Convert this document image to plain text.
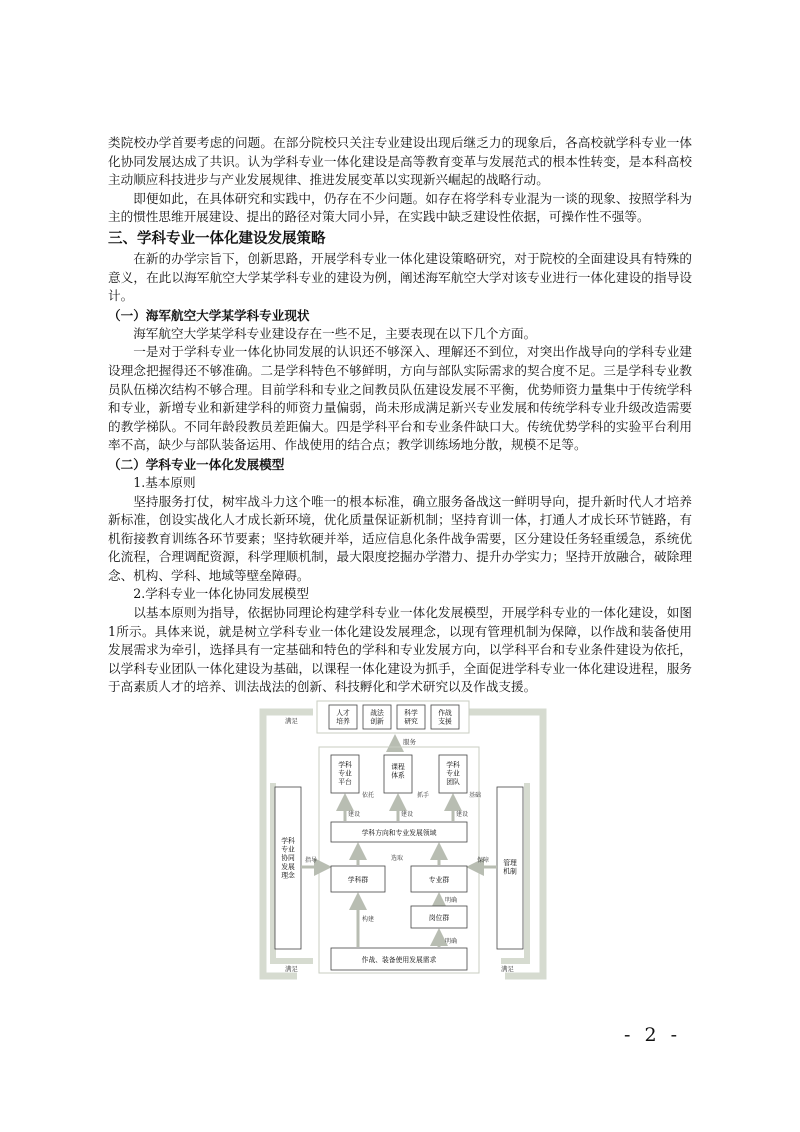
类院校办学首要考虑的问题。在部分院校只关注专业建设出现后继乏力的现象后，各高校就学科专业一体化协同发展达成了共识。认为学科专业一体化建设是高等教育变革与发展范式的根本性转变，是本科高校主动顺应科技进步与产业发展规律、推进发展变革以实现新兴崛起的战略行动。

即便如此，在具体研究和实践中，仍存在不少问题。如存在将学科专业混为一谈的现象、按照学科为主的惯性思维开展建设、提出的路径对策大同小异，在实践中缺乏建设性依据，可操作性不强等。

三、学科专业一体化建设发展策略

在新的办学宗旨下，创新思路，开展学科专业一体化建设策略研究，对于院校的全面建设具有特殊的意义，在此以海军航空大学某学科专业的建设为例，阐述海军航空大学对该专业进行一体化建设的指导设计。

（一）海军航空大学某学科专业现状

海军航空大学某学科专业建设存在一些不足，主要表现在以下几个方面。

一是对于学科专业一体化协同发展的认识还不够深入、理解还不到位，对突出作战导向的学科专业建设理念把握得还不够准确。二是学科特色不够鲜明，方向与部队实际需求的契合度不足。三是学科专业教员队伍梯次结构不够合理。目前学科和专业之间教员队伍建设发展不平衡，优势师资力量集中于传统学科和专业，新增专业和新建学科的师资力量偏弱，尚未形成满足新兴专业发展和传统学科专业升级改造需要的教学梯队。不同年龄段教员差距偏大。四是学科平台和专业条件缺口大。传统优势学科的实验平台利用率不高，缺少与部队装备运用、作战使用的结合点；教学训练场地分散，规模不足等。

（二）学科专业一体化发展模型

1.基本原则

坚持服务打仗，树牢战斗力这个唯一的根本标准，确立服务备战这一鲜明导向，提升新时代人才培养新标准，创设实战化人才成长新环境，优化质量保证新机制；坚持育训一体，打通人才成长环节链路，有机衔接教育训练各环节要素；坚持软硬并举，适应信息化条件战争需要，区分建设任务轻重缓急，系统优化流程，合理调配资源，科学理顺机制，最大限度挖掘办学潜力、提升办学实力；坚持开放融合，破除理念、机构、学科、地域等壁垒障碍。

2.学科专业一体化协同发展模型

以基本原则为指导，依据协同理论构建学科专业一体化发展模型，开展学科专业的一体化建设，如图1所示。具体来说，就是树立学科专业一体化建设发展理念，以现有管理机制为保障，以作战和装备使用发展需求为牵引，选择具有一定基础和特色的学科和专业发展方向，以学科平台和专业条件建设为依托，以学科专业团队一体化建设为基础，以课程一体化建设为抓手，全面促进学科专业一体化建设进程，服务于高素质人才的培养、训法战法的创新、科技孵化和学术研究以及作战支援。

人才培养
战法创新
科学研究
作战支援
满足
服务
学科专业平台
课程体系
学科专业团队
依托	抓手	基础
建设	建设	建设
学科方向和专业发展领域
学科专业协同发展理念
管理机制
指导	保障
选取
学科群	专业群
明确
岗位群
构建
明确
作战、装备使用发展需求
满足	满足
- 2 -
